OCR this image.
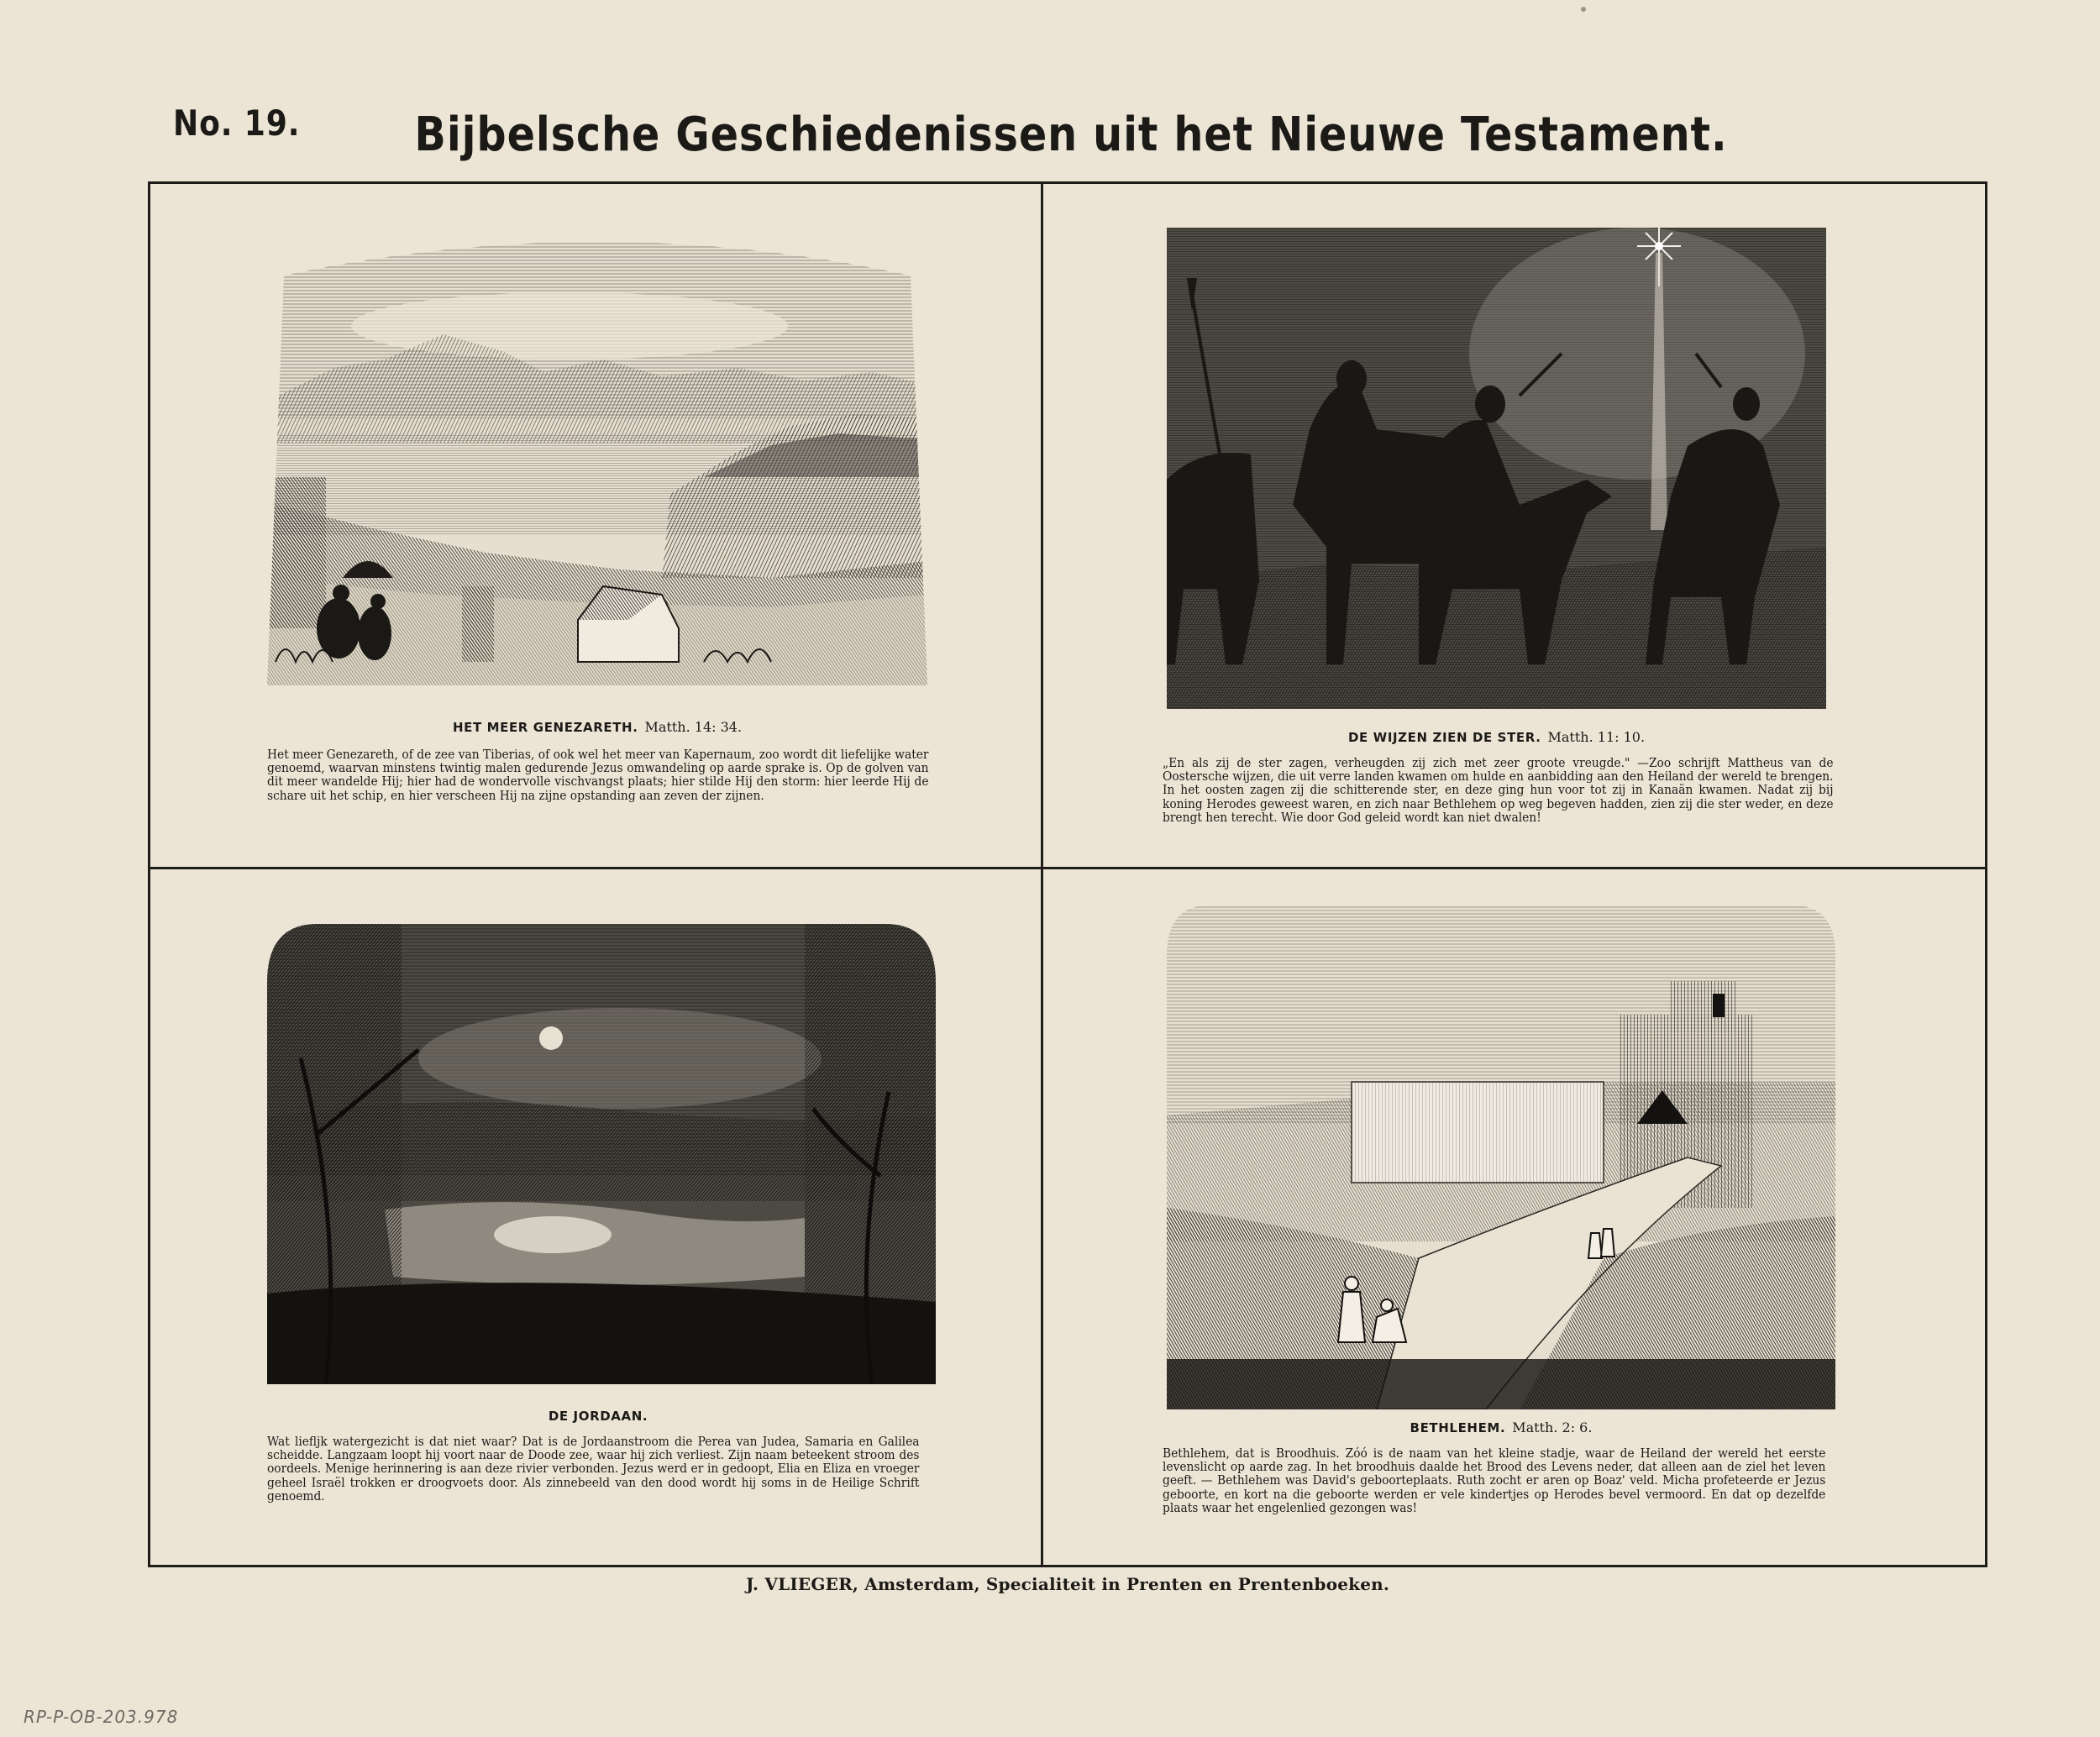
No. 19.	Bijbelsche Geschiedenissen uit het Nieuwe Testament.
HET MEER GENEZARETH. Matth. 14: 34.
Het meer Genezareth, of de zee van Tiberias, of ook wel het meer van Kapernaum, zoo wordt dit liefelijke water genoemd, waarvan minstens twintig malen gedurende Jezus omwandeling op aarde sprake is. Op de golven van dit meer wandelde Hij; hier had de wondervolle vischvangst plaats; hier stilde Hij den storm: hier leerde Hij de schare uit het schip, en hier verscheen Hij na zijne opstanding aan zeven der zijnen.
DE WIJZEN ZIEN DE STER. Matth. 11: 10.
„En als zij de ster zagen, verheugden zij zich met zeer groote vreugde." —Zoo schrijft Mattheus van de Oostersche wijzen, die uit verre landen kwamen om hulde en aanbidding aan den Heiland der wereld te brengen. In het oosten zagen zij die schitterende ster, en deze ging hun voor tot zij in Kanaän kwamen. Nadat zij bij koning Herodes geweest waren, en zich naar Bethlehem op weg begeven hadden, zien zij die ster weder, en deze brengt hen terecht. Wie door God geleid wordt kan niet dwalen!
DE JORDAAN.
Wat liefljk watergezicht is dat niet waar? Dat is de Jordaanstroom die Perea van Judea, Samaria en Galilea scheidde. Langzaam loopt hij voort naar de Doode zee, waar hij zich verliest. Zijn naam beteekent stroom des oordeels. Menige herinnering is aan deze rivier verbonden. Jezus werd er in gedoopt, Elia en Eliza en vroeger geheel Israël trokken er droogvoets door. Als zinnebeeld van den dood wordt hij soms in de Heilige Schrift genoemd.
BETHLEHEM. Matth. 2: 6.
Bethlehem, dat is Broodhuis. Zóó is de naam van het kleine stadje, waar de Heiland der wereld het eerste levenslicht op aarde zag. In het broodhuis daalde het Brood des Levens neder, dat alleen aan de ziel het leven geeft. — Bethlehem was David's geboorteplaats. Ruth zocht er aren op Boaz' veld. Micha profeteerde er Jezus geboorte, en kort na die geboorte werden er vele kindertjes op Herodes bevel vermoord. En dat op dezelfde plaats waar het engelenlied gezongen was!
J. VLIEGER, Amsterdam, Specialiteit in Prenten en Prentenboeken.
RP-P-OB-203.978
